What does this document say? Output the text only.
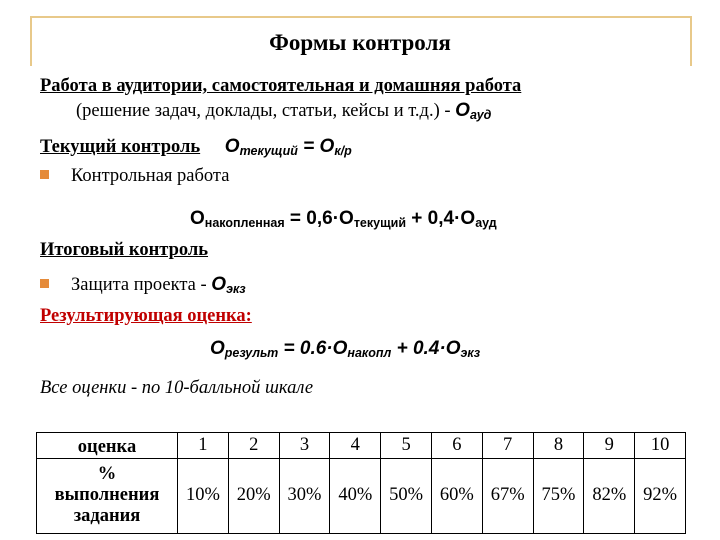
Формы контроля
Работа в аудитории, самостоятельная и домашняя работа
(решение задач, доклады, статьи, кейсы и $т.д.) - O_{ауд}$
Текущий контроль $O_{текущий} = O_{к/р}$
Контрольная работа
$O_{накопленная} = 0,6\cdot O_{текущий} + 0,4\cdot O_{ауд}$
Итоговый контроль
Защита проекта - $O_{экз}$
Результирующая оценка:
$O_{результ} = 0.6\cdot O_{накопл} + 0.4\cdot O_{экз}$
Все оценки - по 10-балльной шкале
оценка	1	2	3	4	5	6	7	8	9	10

%
выполнения
задания	10%	20%	30%	40%	50%	60%	67%	75%	82%	92%
